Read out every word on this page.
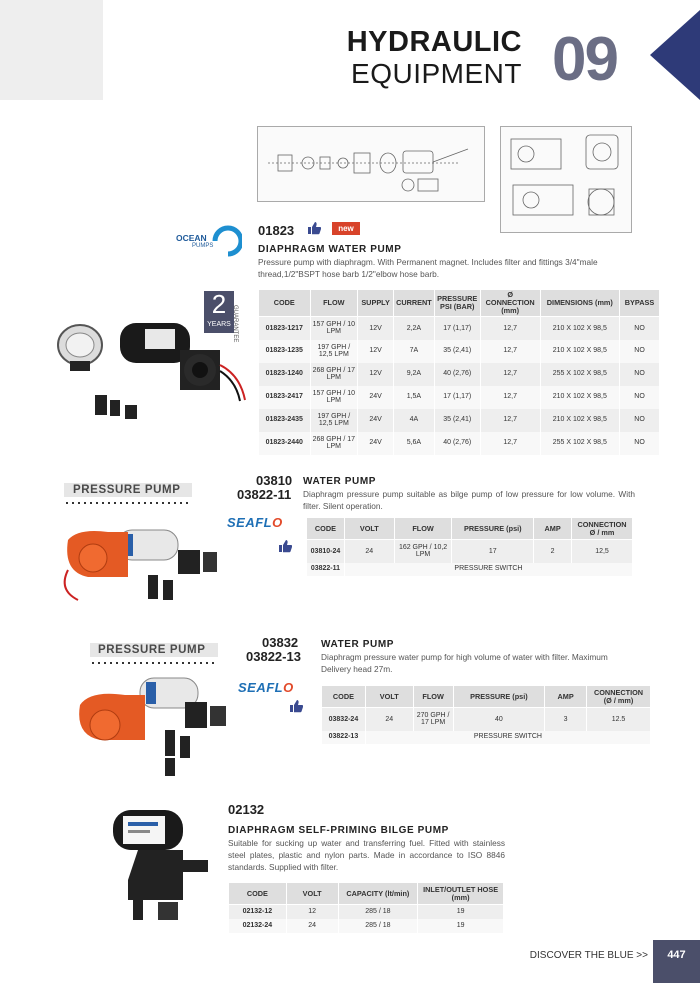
HYDRAULIC
EQUIPMENT 09
OCEAN
PUMPS
01823	new
DIAPHRAGM WATER PUMP
Pressure pump with diaphragm. With Permanent magnet. Includes filter and fittings 3/4"male thread,1/2"BSPT hose barb 1/2"elbow hose barb.
2
YEARS GUARANTEE
CODE	FLOW	SUPPLY	CURRENT	PRESSURE PSI (BAR)	Ø CONNECTION (mm)	DIMENSIONS (mm)	BYPASS
01823-1217	157 GPH / 10 LPM	12V	2,2A	17 (1,17)	12,7	210 X 102 X 98,5	NO
01823-1235	197 GPH / 12,5 LPM	12V	7A	35 (2,41)	12,7	210 X 102 X 98,5	NO
01823-1240	268 GPH / 17 LPM	12V	9,2A	40 (2,76)	12,7	255 X 102 X 98,5	NO
01823-2417	157 GPH / 10 LPM	24V	1,5A	17 (1,17)	12,7	210 X 102 X 98,5	NO
01823-2435	197 GPH / 12,5 LPM	24V	4A	35 (2,41)	12,7	210 X 102 X 98,5	NO
01823-2440	268 GPH / 17 LPM	24V	5,6A	40 (2,76)	12,7	255 X 102 X 98,5	NO
PRESSURE PUMP
03810
03822-11
WATER PUMP
Diaphragm pressure pump suitable as bilge pump of low pressure for low volume. With filter. Silent operation.
SEAFLO	CODE	VOLT	FLOW	PRESSURE (psi)	AMP	CONNECTION Ø / mm
03810-24	24	162 GPH / 10,2 LPM	17	2	12,5
03822-11	PRESSURE SWITCH				
PRESSURE PUMP	03832
03822-13
WATER PUMP
Diaphragm pressure water pump for high volume of water with filter. Maximum Delivery head 27m.
SEAFLO
CODE	VOLT	FLOW	PRESSURE (psi)	AMP	CONNECTION (Ø / mm)
03832-24	24	270 GPH / 17 LPM	40	3	12.5
03822-13	PRESSURE SWITCH				
02132
DIAPHRAGM SELF-PRIMING BILGE PUMP
Suitable for sucking up water and transferring fuel. Fitted with stainless steel plates, plastic and nylon parts. Made in accordance to ISO 8846 standards. Supplied with filter.
CODE	VOLT	CAPACITY (lt/min)	INLET/OUTLET HOSE (mm)
02132-12	12	285 / 18	19
02132-24	24	285 / 18	19
DISCOVER THE BLUE >>	447
